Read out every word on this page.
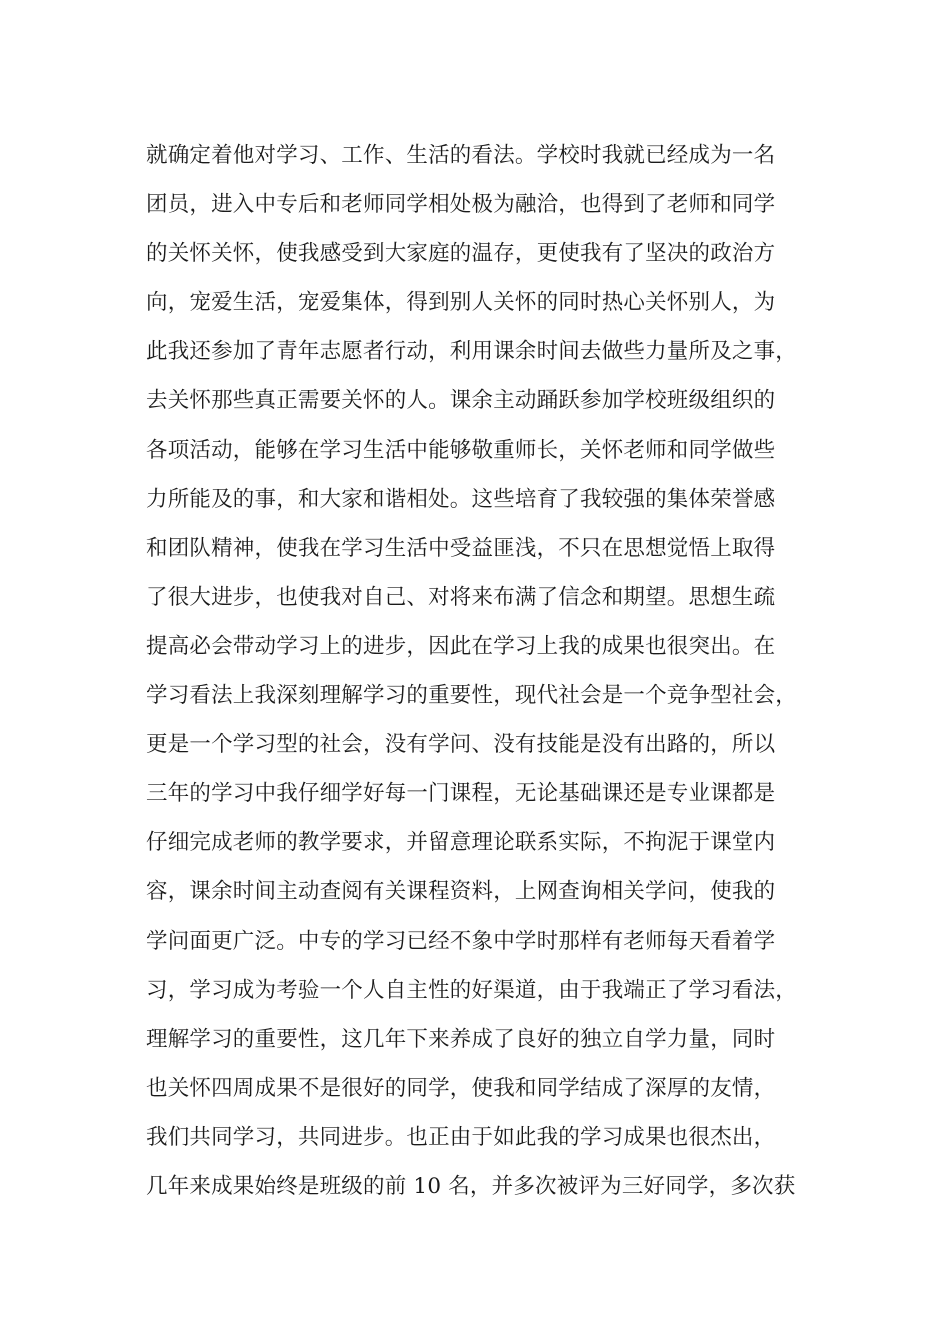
就确定着他对学习、工作、生活的看法。学校时我就已经成为一名
团员，进入中专后和老师同学相处极为融洽，也得到了老师和同学
的关怀关怀，使我感受到大家庭的温存，更使我有了坚决的政治方
向，宠爱生活，宠爱集体，得到别人关怀的同时热心关怀别人，为
此我还参加了青年志愿者行动，利用课余时间去做些力量所及之事，
去关怀那些真正需要关怀的人。课余主动踊跃参加学校班级组织的
各项活动，能够在学习生活中能够敬重师长，关怀老师和同学做些
力所能及的事，和大家和谐相处。这些培育了我较强的集体荣誉感
和团队精神，使我在学习生活中受益匪浅，不只在思想觉悟上取得
了很大进步，也使我对自己、对将来布满了信念和期望。思想生疏
提高必会带动学习上的进步，因此在学习上我的成果也很突出。在
学习看法上我深刻理解学习的重要性，现代社会是一个竞争型社会，
更是一个学习型的社会，没有学问、没有技能是没有出路的，所以
三年的学习中我仔细学好每一门课程，无论基础课还是专业课都是
仔细完成老师的教学要求，并留意理论联系实际，不拘泥于课堂内
容，课余时间主动查阅有关课程资料，上网查询相关学问，使我的
学问面更广泛。中专的学习已经不象中学时那样有老师每天看着学
习，学习成为考验一个人自主性的好渠道，由于我端正了学习看法，
理解学习的重要性，这几年下来养成了良好的独立自学力量，同时
也关怀四周成果不是很好的同学，使我和同学结成了深厚的友情，
我们共同学习，共同进步。也正由于如此我的学习成果也很杰出，
几年来成果始终是班级的前 10 名，并多次被评为三好同学，多次获
